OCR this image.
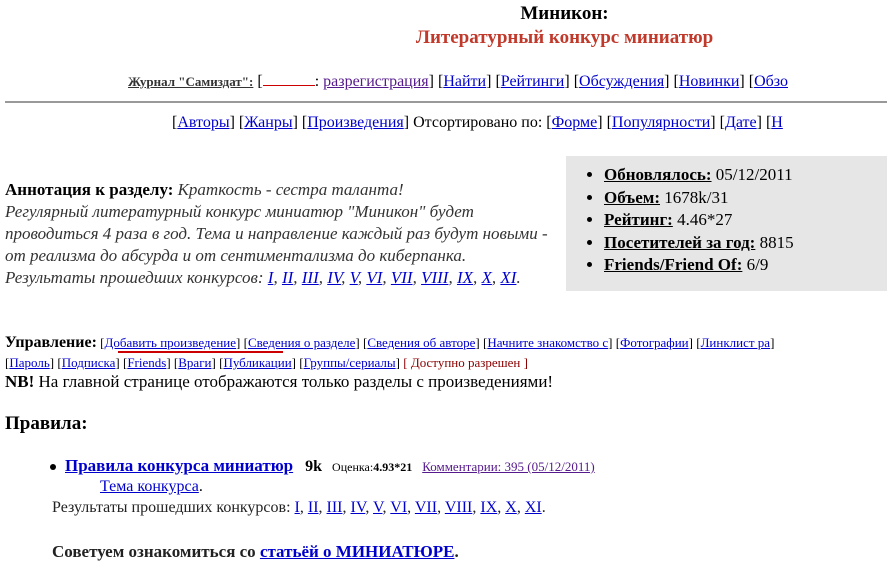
Миникон:
Литературный конкурс миниатюр
Журнал "Самиздат": [	: разрегистрация] [Найти] [Рейтинги] [Обсуждения] [Новинки] [Обзо
[Авторы] [Жанры] [Произведения] Отсортировано по: [Форме] [Популярности] [Дате] [Н
• Обновлялось: 05/12/2011
• Объем: 1678k/31
• Рейтинг: 4.46*27
• Посетителей за год: 8815
• Friends/Friend Of: 6/9
Аннотация к разделу: Краткость - сестра таланта!
Регулярный литературный конкурс миниатюр "Миникон" будет проводиться 4 раза в год. Тема и направление каждый раз будут новыми - от реализма до абсурда и от сентиментализма до киберпанка.
Результаты прошедших конкурсов: I, II, III, IV, V, VI, VII, VIII, IX, X, XI.
Управление: [Добавить произведение] [Сведения о разделе] [Сведения об авторе] [Начните знакомство с] [Фотографии] [Линклист ра]
[Пароль] [Подписка] [Friends] [Враги] [Публикации] [Группы/сериалы] [ Доступно разрешен ]
NB! На главной странице отображаются только разделы с произведениями!
Правила:
Правила конкурса миниатюр 9k Оценка:4.93*21 Комментарии: 395 (05/12/2011)
Тема конкурса.
Результаты прошедших конкурсов: I, II, III, IV, V, VI, VII, VIII, IX, X, XI.
Советуем ознакомиться со статьёй о МИНИАТЮРЕ.
